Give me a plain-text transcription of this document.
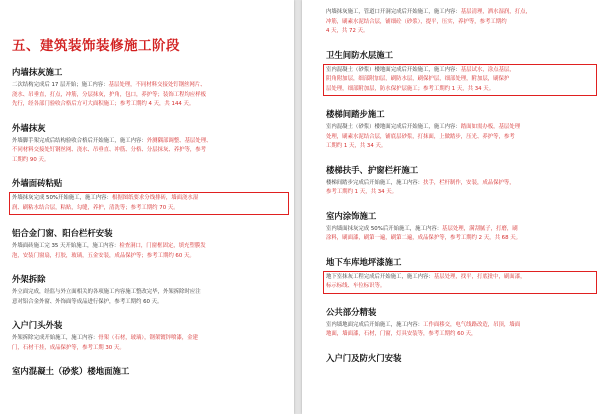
五、建筑装饰装修施工阶段
内墙抹灰施工
二次结构完成后 17 层开始；施工内容：基层处理，不同材料交接处钉钢丝网片、
浇水、吊垂直，打点，冲筋，分层抹灰，护角，包口，养护等；装饰工程均应样板
先行，经各部门验收合格后方可大面积施工；参考工期约 4 天，共 144 天。
外墙抹灰
外墙脚手架完成后结构验收合格后开始施工，施工内容：外测隅部调整、基层处理、
不同材料交接处钉钢丝网、浇水、吊垂直、冲筋、分格、分层抹灰、养护等，参考
工期约 90 天。
外墙面砖粘贴
外墙抹灰完成 50%开始施工，施工内容：根据图纸要求分线排砖，墙面浇水湿
润、刷粘水结合层，粘贴，勾缝，养护，清洗等；参考工期约 70 天。
铝合金门窗、阳台栏杆安装
外墙面砖施工完 35 天开始施工，施工内容：检查洞口，门窗框固定，填充塑膜发
泡，安装门窗扇，打胶，玻璃，五金安装，成品保护等；参考工期约 60 天。
外架拆除
外立面完成，经监与外立面相关的各项施工内容施工整改完毕，外架拆除时应注
意对铝合金外窗、外饰面等成品进行保护，参考工期约 60 天。
入户门头外装
外架拆除完成开始施工，施工内容：骨架（石材，玻璃），钢架镀锌喷漆，金建
门，石材干挂，成品保护等，参考工期 30 天。
室内混凝土（砂浆）楼地面施工
内墙抹灰施工，管道口开洞完成后开始施工，施工内容：基层清理，洒水湿润，打点，
冲筋，刷素水泥结合层，铺细砼（砂浆），提平，压实，养护等，参考工期约
4 天，共 72 天。
卫生间防水层施工
室内混凝土（砂浆）楼地面完成后开始施工，施工内容：基层试水，涂点基层，
阴角附加层，细部附加层，刷防水层，刷保护层，细部处理，附加层，刷保护
层处理，细部附加层，防水保护层施工；参考工期约 1 天，共 34 天。
楼梯间踏步施工
室内混凝土（砂浆）楼地面完成后开始施工，施工内容：踏面如需办板，基层处理
处理，刷素水泥结合层，铺底层砂浆，打抹面，上做踏步，压光、养护等，参考
工期约 1 天，共 34 天。
楼梯扶手、护窗栏杆施工
楼梯间踏步完成后开始施工，施工内容：扶手，栏杆制作，安装，成品保护等，
参考工期约 1 天，共 34 天。
室内涂饰施工
室内墙面抹灰完成 50%后开始施工，施工内容：基层处理，满刮腻子，打磨，刷
涂料，刷面漆，刷第一遍，刷第二遍，成品保护等，参考工期约 2 天，共 68 天。
地下车库地坪漆施工
地下室抹灰工程完成后开始施工，施工内容：基层处理，找平，打底批中，刷面漆，
标示标线、车位标识等。
公共部分精装
室内墙地面完成后开始施工，施工内容：工作面移交，电气线路改造，吊顶，墙面
地面，墙面漆，石材，门窗，灯具安装等，参考工期约 60 天，
入户门及防火门安装
